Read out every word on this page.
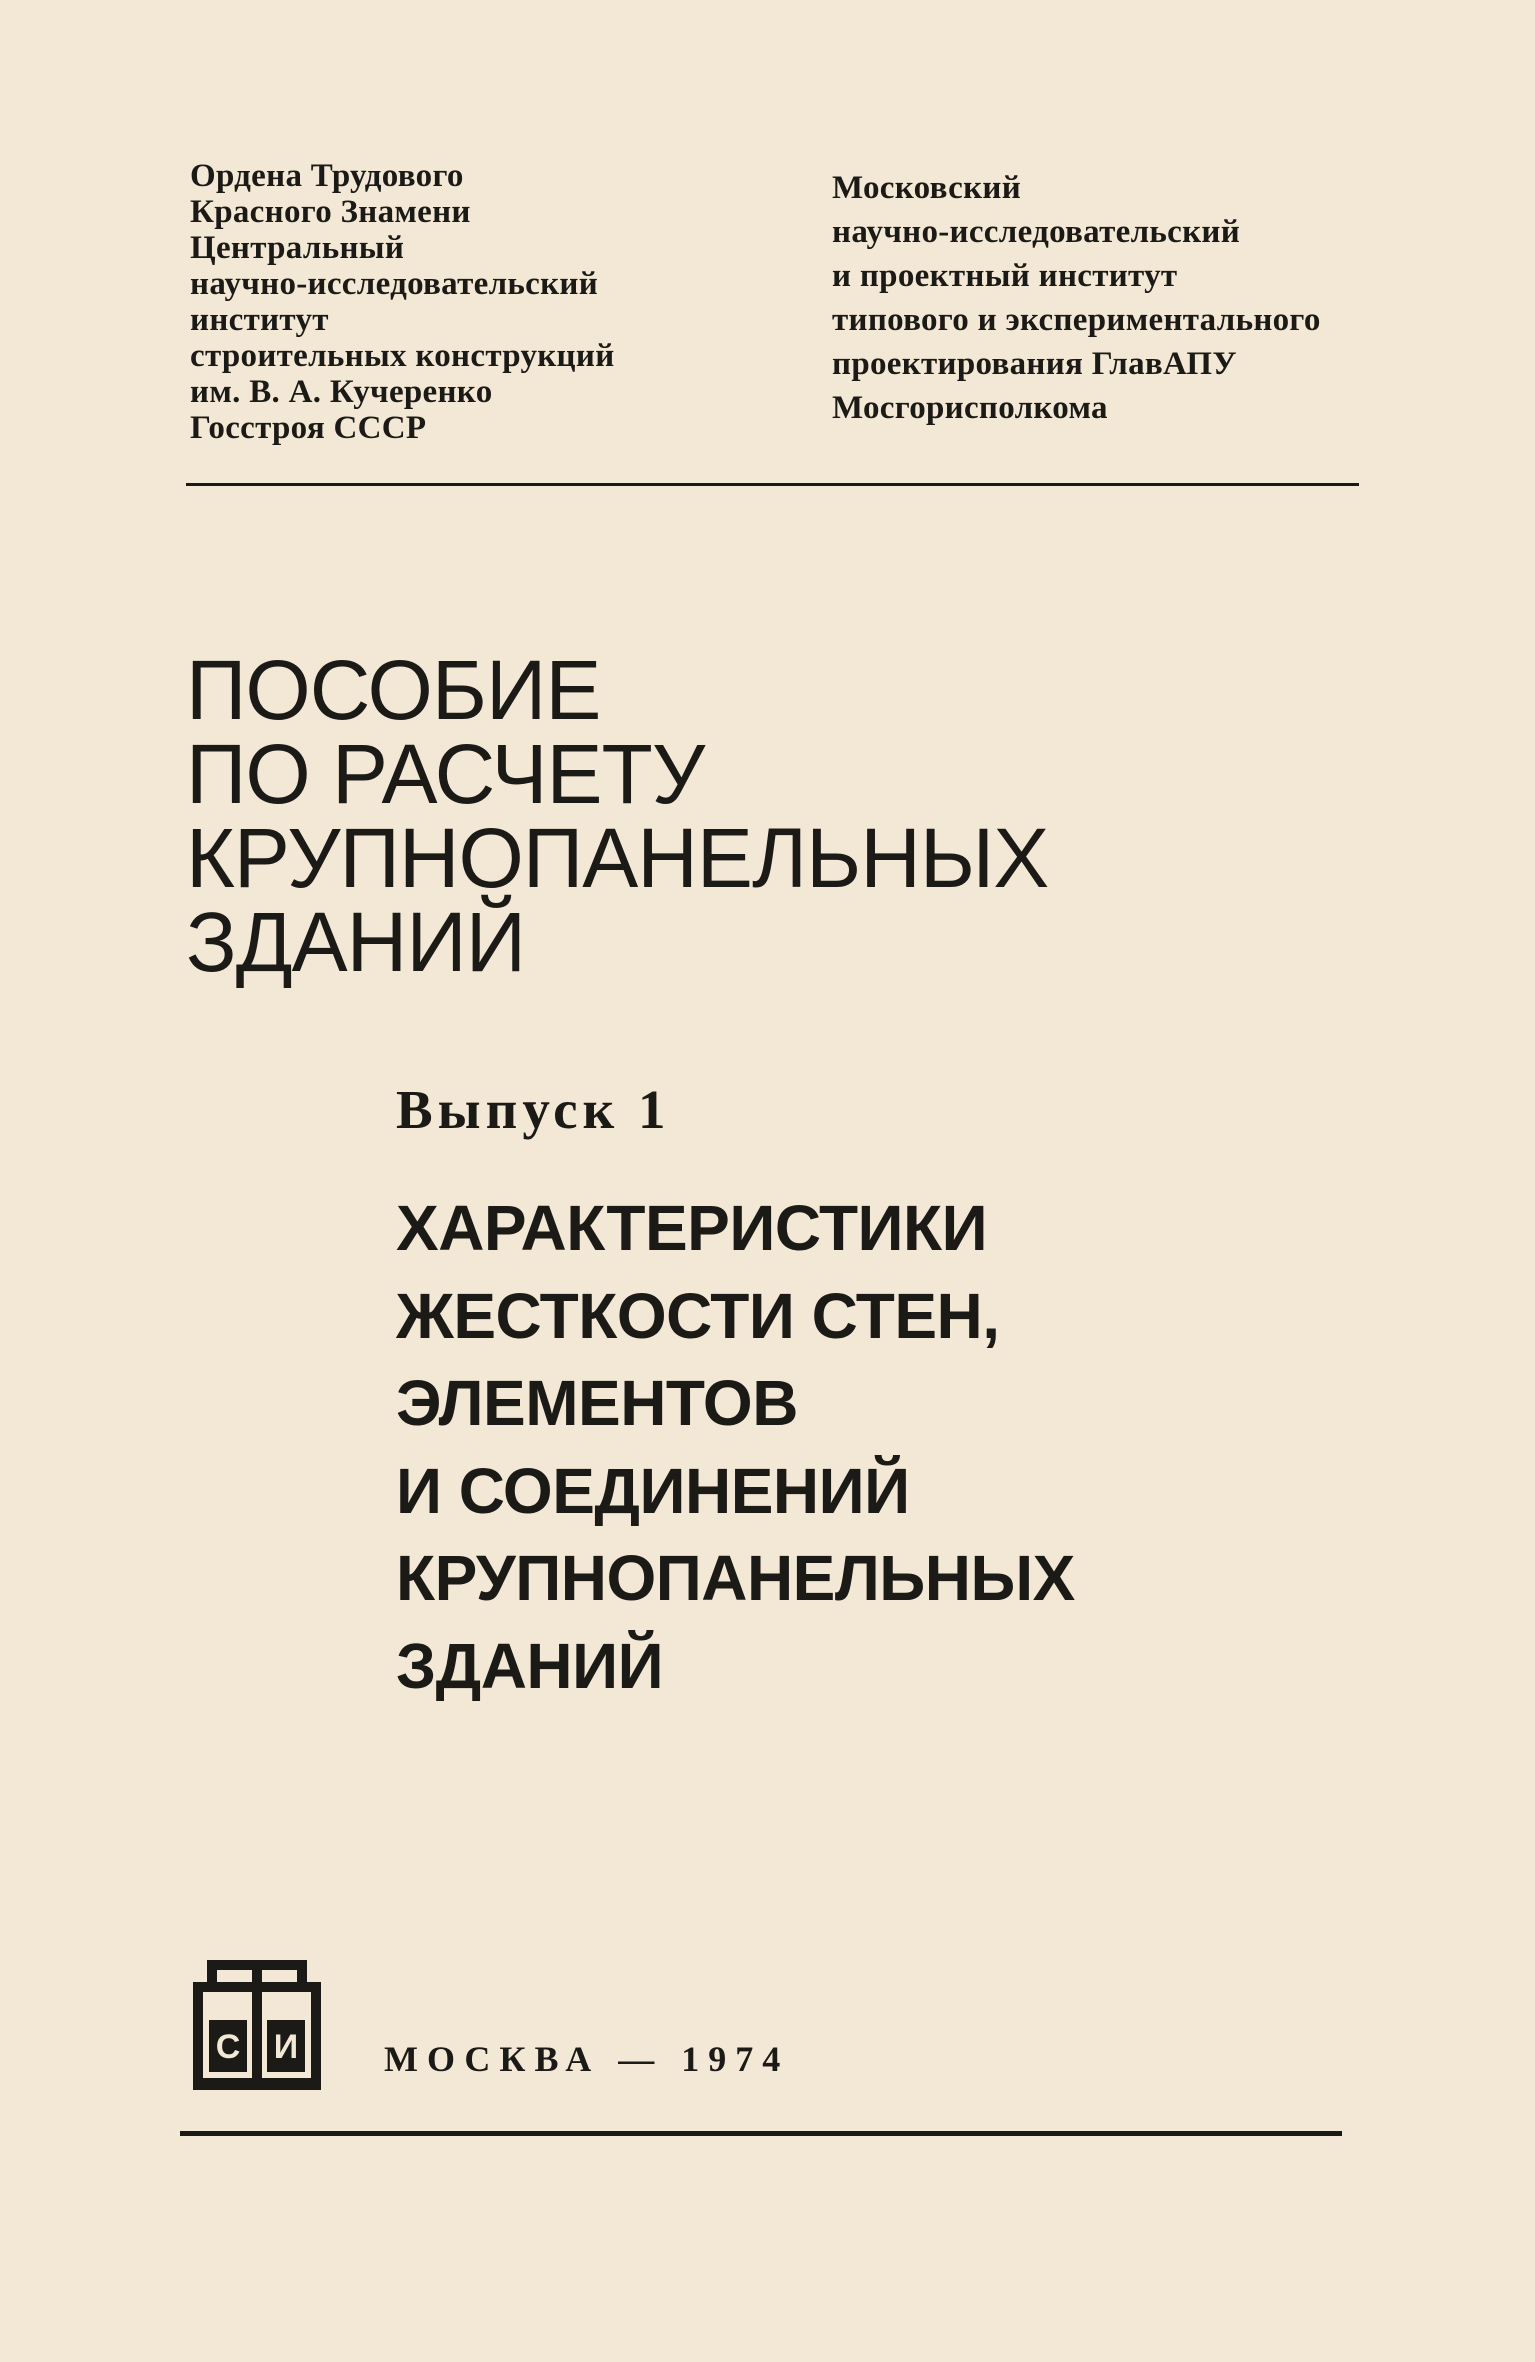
Ордена Трудового
Красного Знамени
Центральный
научно-исследовательский
институт
строительных конструкций
им. В. А. Кучеренко
Госстроя СССР
Московский
научно-исследовательский
и проектный институт
типового и экспериментального
проектирования ГлавАПУ
Мосгорисполкома
ПОСОБИЕ
ПО РАСЧЕТУ
КРУПНОПАНЕЛЬНЫХ
ЗДАНИЙ
Выпуск 1
ХАРАКТЕРИСТИКИ
ЖЕСТКОСТИ СТЕН,
ЭЛЕМЕНТОВ
И СОЕДИНЕНИЙ
КРУПНОПАНЕЛЬНЫХ
ЗДАНИЙ
С И МОСКВА — 1974
